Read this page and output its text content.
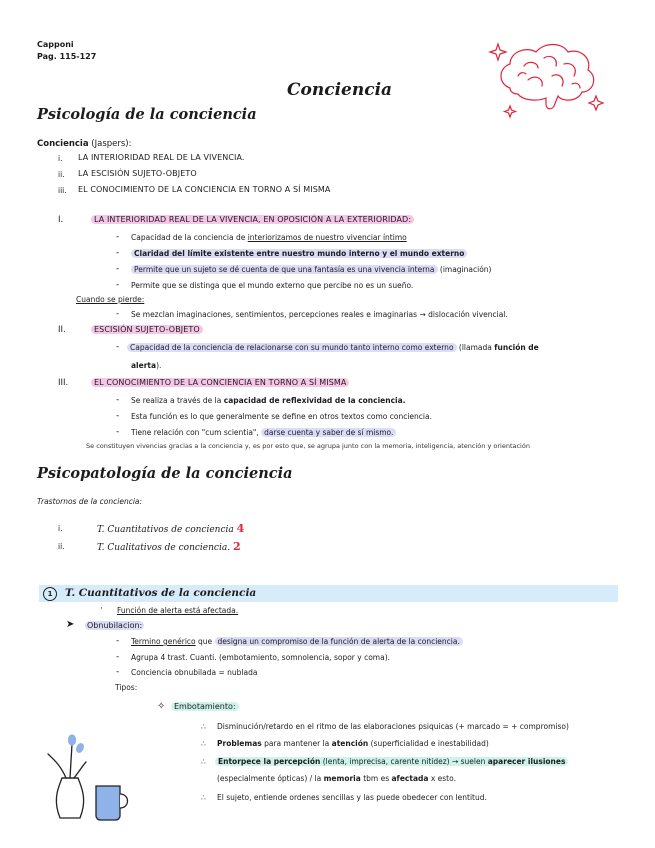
Capponi
Pag. 115-127
Conciencia
Psicología de la conciencia
Conciencia (Jaspers):
i. LA INTERIORIDAD REAL DE LA VIVENCIA.
ii. LA ESCISIÓN SUJETO-OBJETO
iii. EL CONOCIMIENTO DE LA CONCIENCIA EN TORNO A SÍ MISMA
I.	LA INTERIORIDAD REAL DE LA VIVENCIA, EN OPOSICIÓN A LA EXTERIORIDAD:
- Capacidad de la conciencia de interiorizamos de nuestro vivenciar íntimo
-	Claridad del límite existente entre nuestro mundo interno y el mundo externo
-	Permite que un sujeto se dé cuenta de que una fantasía es una vivencia interna (imaginación)
- Permite que se distinga que el mundo externo que percibe no es un sueño.
Cuando se pierde:
- Se mezclan imaginaciones, sentimientos, percepciones reales e imaginarias → dislocación vivencial.
II.	ESCISIÓN SUJETO-OBJETO
-	Capacidad de la conciencia de relacionarse con su mundo tanto interno como externo (llamada función de
alerta).
III.	EL CONOCIMIENTO DE LA CONCIENCIA EN TORNO A SÍ MISMA
- Se realiza a través de la capacidad de reflexividad de la conciencia.
- Esta función es lo que generalmente se define en otros textos como conciencia.
- Tiene relación con "cum scientia", darse cuenta y saber de sí mismo.
Se constituyen vivencias gracias a la conciencia y, es por esto que, se agrupa junto con la memoria, inteligencia, atención y orientación
Psicopatología de la conciencia
Trastornos de la conciencia:
i.	T. Cuantitativos de conciencia 4
ii.	T. Cualitativos de conciencia. 2
1	T. Cuantitativos de la conciencia
· Función de alerta está afectada.
➤ Obnubilacion:
- Termino genérico que designa un compromiso de la función de alerta de la conciencia.
- Agrupa 4 trast. Cuanti. (embotamiento, somnolencia, sopor y coma).
- Conciencia obnubilada = nublada
Tipos:
✧	Embotamiento:
∴ Disminución/retardo en el ritmo de las elaboraciones psiquicas (+ marcado = + compromiso)
∴ Problemas para mantener la atención (superficialidad e inestabilidad)
∴	Entorpece la percepción (lenta, imprecisa, carente nitidez) → suelen aparecer ilusiones
(especialmente ópticas) / la memoria tbm es afectada x esto.
∴ El sujeto, entiende ordenes sencillas y las puede obedecer con lentitud.
